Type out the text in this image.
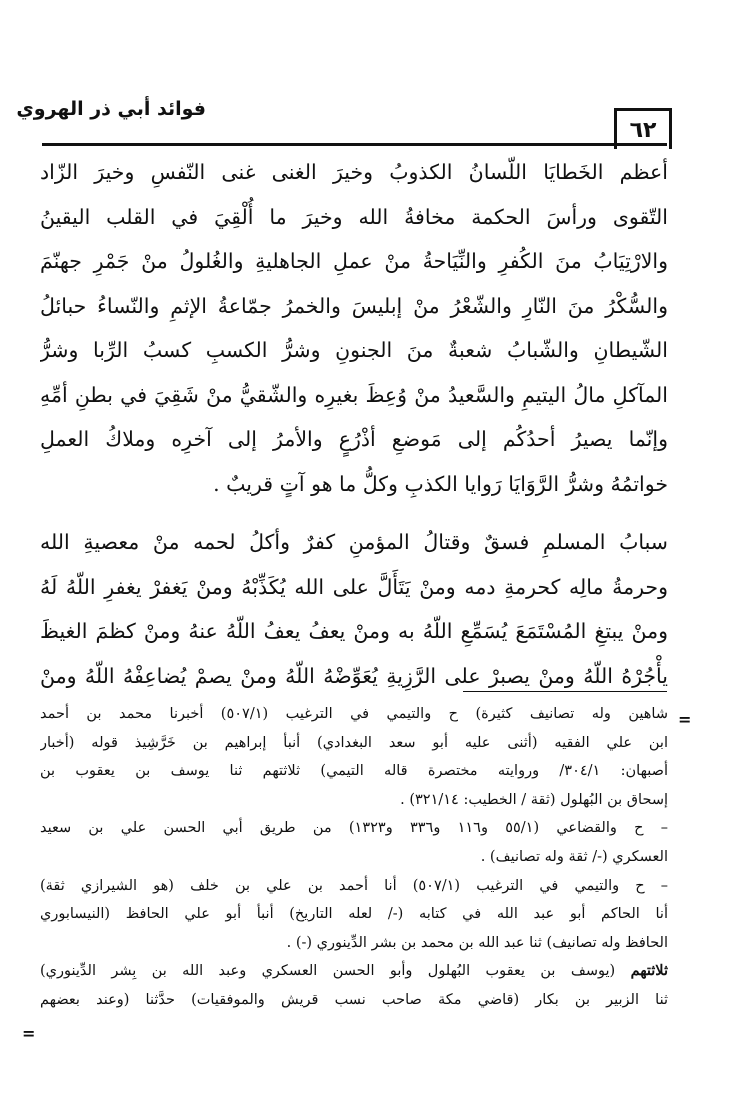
فوائد أبي ذر الهروي
٦٢
أعظم الخَطايَا اللّسانُ الكذوبُ وخيرَ الغنى غنى النّفسِ وخيرَ الزّاد
التّقوى ورأسَ الحكمة مخافةُ الله وخيرَ ما أُلْقِيَ في القلب اليقينُ
والارْتِيَابُ منَ الكُفرِ والنِّيَاحةُ منْ عملِ الجاهليةِ والغُلولُ منْ جَمْرِ جهنّمَ
والسُّكْرُ منَ النّارِ والشّعْرُ منْ إبليسَ والخمرُ جمّاعةُ الإثمِ والنّساءُ حبائلُ
الشّيطانِ والشّبابُ شعبةٌ منَ الجنونِ وشرُّ الكسبِ كسبُ الرِّبا وشرُّ
المآكلِ مالُ اليتيمِ والسَّعيدُ منْ وُعِظَ بغيرِه والشّقيُّ منْ شَقِيَ في بطنِ أمِّهِ
وإنّما يصيرُ أحدُكُم إلى مَوضعِ أذْرُعٍ والأمرُ إلى آخرِه وملاكُ العملِ
خواتمُهُ وشرُّ الرَّوَايَا رَوايا الكذبِ وكلُّ ما هو آتٍ قريبٌ .
سبابُ المسلمِ فسقٌ وقتالُ المؤمنِ كفرٌ وأكلُ لحمه منْ معصيةِ الله
وحرمةُ مالِه كحرمةِ دمه ومنْ يَتَأَلَّ على الله يُكَذِّبْهُ ومنْ يَغفرْ يغفرِ اللّهُ لَهُ
ومنْ يبتغِ المُسْتَمَعَ يُسَمِّعِ اللّهُ به ومنْ يعفُ يعفُ اللّهُ عنهُ ومنْ كظمَ الغيظَ
يأْجُرْهُ اللّهُ ومنْ يصبرْ على الرَّزِيةِ يُعَوِّضْهُ اللّهُ ومنْ يصمْ يُضاعِفْهُ اللّهُ ومنْ
=
شاهين وله تصانيف كثيرة) ح والتيمي في الترغيب (٥٠٧/١) أخبرنا محمد بن أحمد
ابن علي الفقيه (أثنى عليه أبو سعد البغدادي) أنبأ إبراهيم بن خَرَّشِيذ قوله (أخبار
أصبهان: ٣٠٤/١/ وروايته مختصرة قاله التيمي) ثلاثتهم ثنا يوسف بن يعقوب بن
إسحاق بن البُهلول (ثقة / الخطيب: ٣٢١/١٤) .
– ح والقضاعي (٥٥/١ و١١٦ و٣٣٦ و١٣٢٣) من طريق أبي الحسن علي بن سعيد
العسكري (-/ ثقة وله تصانيف) .
– ح والتيمي في الترغيب (٥٠٧/١) أنا أحمد بن علي بن خلف (هو الشيرازي ثقة)
أنا الحاكم أبو عبد الله في كتابه (-/ لعله التاريخ) أنبأ أبو علي الحافظ (النيسابوري
الحافظ وله تصانيف) ثنا عبد الله بن محمد بن بشر الدِّينوري (-) .
ثلاثتهم (يوسف بن يعقوب البُهلول وأبو الحسن العسكري وعبد الله بن بِشر الدِّينوري)
ثنا الزبير بن بكار (قاضي مكة صاحب نسب قريش والموفقيات) حدَّثنا (وعند بعضهم
=
